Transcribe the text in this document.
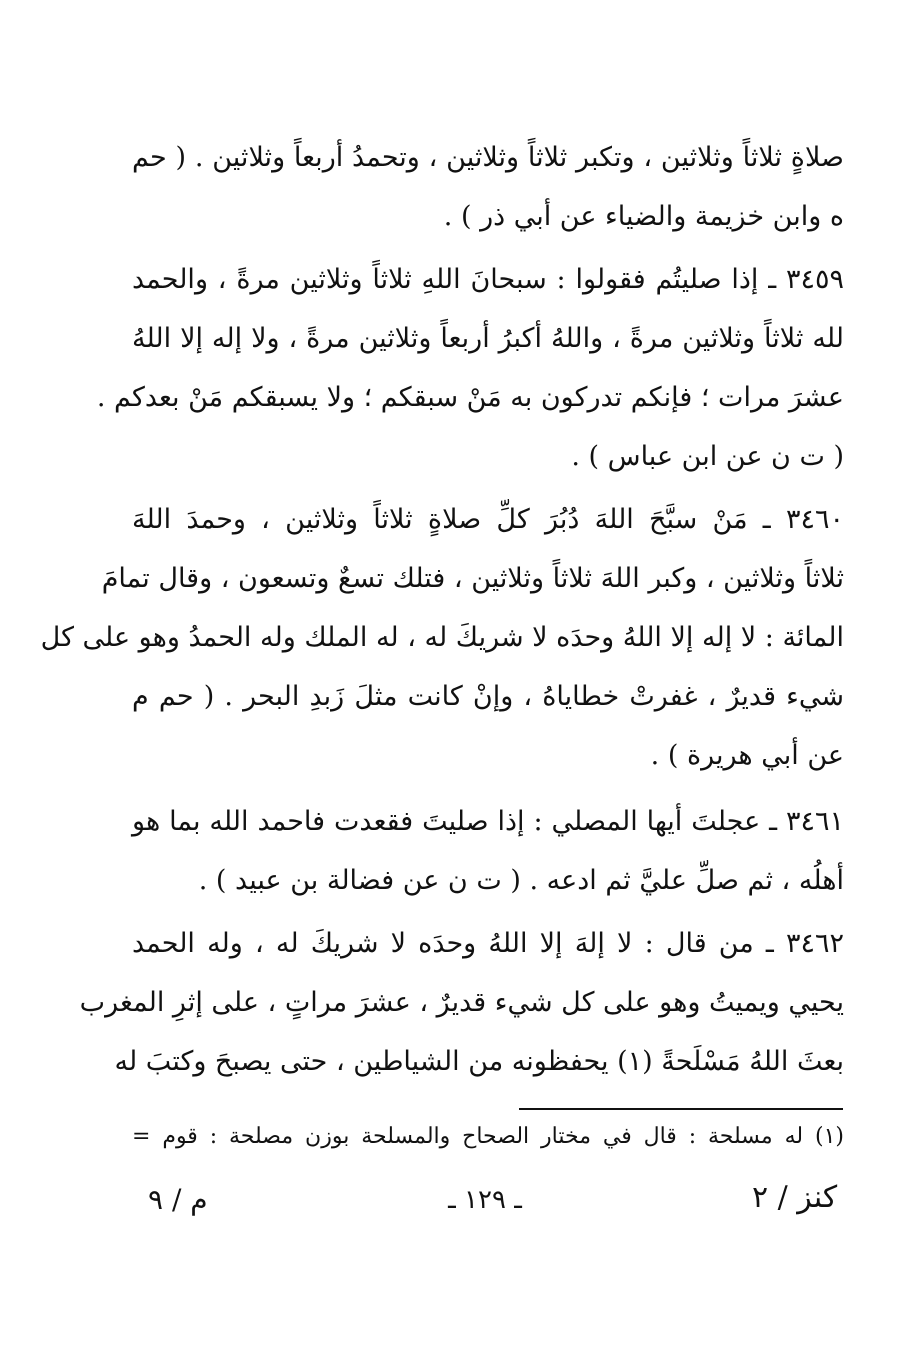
صلاةٍ ثلاثاً وثلاثين ، وتكبر ثلاثاً وثلاثين ، وتحمدُ أربعاً وثلاثين . ( حم
ه وابن خزيمة والضياء عن أبي ذر ) .
٣٤٥٩ ـ إذا صليتُم فقولوا : سبحانَ اللهِ ثلاثاً وثلاثين مرةً ، والحمد
لله ثلاثاً وثلاثين مرةً ، واللهُ أكبرُ أربعاً وثلاثين مرةً ، ولا إله إلا اللهُ
عشرَ مرات ؛ فإنكم تدركون به مَنْ سبقكم ؛ ولا يسبقكم مَنْ بعدكم .
( ت ن عن ابن عباس ) .
٣٤٦٠ ـ مَنْ سبَّحَ اللهَ دُبُرَ كلِّ صلاةٍ ثلاثاً وثلاثين ، وحمدَ اللهَ
ثلاثاً وثلاثين ، وكبر اللهَ ثلاثاً وثلاثين ، فتلك تسعٌ وتسعون ، وقال تمامَ
المائة : لا إله إلا اللهُ وحدَه لا شريكَ له ، له الملك وله الحمدُ وهو على كل
شيء قديرٌ ، غفرتْ خطاياهُ ، وإنْ كانت مثلَ زَبدِ البحر . ( حم م
عن أبي هريرة ) .
٣٤٦١ ـ عجلتَ أيها المصلي : إذا صليتَ فقعدت فاحمد الله بما هو
أهلُه ، ثم صلِّ عليَّ ثم ادعه . ( ت ن عن فضالة بن عبيد ) .
٣٤٦٢ ـ من قال : لا إلهَ إلا اللهُ وحدَه لا شريكَ له ، وله الحمد
يحيي ويميتُ وهو على كل شيء قديرٌ ، عشرَ مراتٍ ، على إثرِ المغرب
بعثَ اللهُ مَسْلَحةً (١) يحفظونه من الشياطين ، حتى يصبحَ وكتبَ له
(١) له مسلحة : قال في مختار الصحاح والمسلحة بوزن مصلحة : قوم =
كنز / ٢
ـ ١٢٩ ـ
م / ٩
